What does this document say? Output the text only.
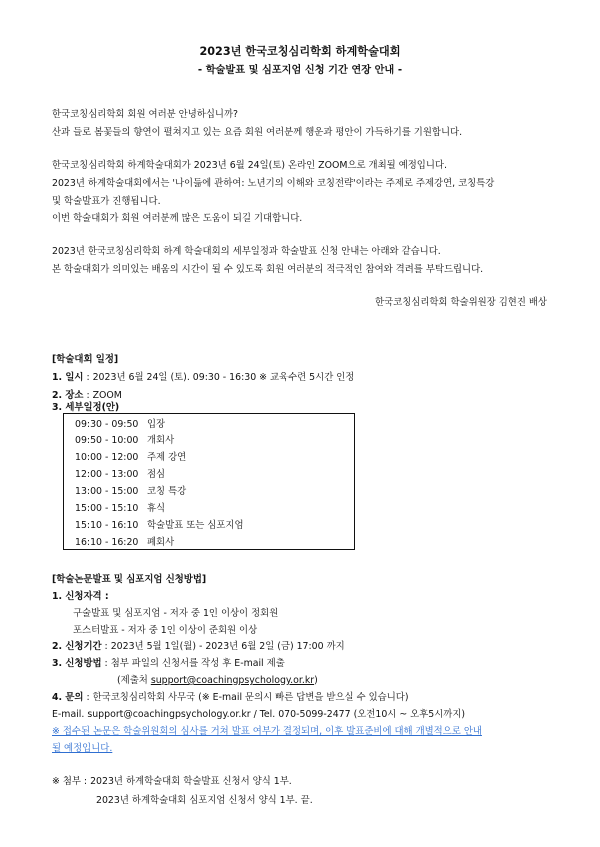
2023년 한국코칭심리학회 하계학술대회
- 학술발표 및 심포지엄 신청 기간 연장 안내 -
한국코칭심리학회 회원 여러분 안녕하십니까?
산과 들로 봄꽃들의 향연이 펼쳐지고 있는 요즘 회원 여러분께 행운과 평안이 가득하기를 기원합니다.
한국코칭심리학회 하계학술대회가 2023년 6월 24일(토) 온라인 ZOOM으로 개최될 예정입니다.
2023년 하계학술대회에서는 '나이듦에 관하여: 노년기의 이해와 코칭전략'이라는 주제로 주제강연, 코칭특강
및 학술발표가 진행됩니다.
이번 학술대회가 회원 여러분께 많은 도움이 되길 기대합니다.
2023년 한국코칭심리학회 하계 학술대회의 세부일정과 학술발표 신청 안내는 아래와 같습니다.
본 학술대회가 의미있는 배움의 시간이 될 수 있도록 회원 여러분의 적극적인 참여와 격려를 부탁드립니다.
한국코칭심리학회 학술위원장 김현진 배상
[학술대회 일정]
1. 일시 : 2023년 6월 24일 (토). 09:30 - 16:30 ※ 교육수련 5시간 인정
2. 장소 : ZOOM
3. 세부일정(안)
09:30 - 09:50 입장
09:50 - 10:00 개회사
10:00 - 12:00 주제 강연
12:00 - 13:00 점심
13:00 - 15:00 코칭 특강
15:00 - 15:10 휴식
15:10 - 16:10 학술발표 또는 심포지엄
16:10 - 16:20 폐회사
[학술논문발표 및 심포지엄 신청방법]
1. 신청자격 :
구술발표 및 심포지엄 - 저자 중 1인 이상이 정회원
포스터발표 - 저자 중 1인 이상이 준회원 이상
2. 신청기간 : 2023년 5월 1일(월) - 2023년 6월 2일 (금) 17:00 까지
3. 신청방법 : 첨부 파일의 신청서를 작성 후 E-mail 제출
(제출처 support@coachingpsychology.or.kr)
4. 문의 : 한국코칭심리학회 사무국 (※ E-mail 문의시 빠른 답변을 받으실 수 있습니다)
E-mail. support@coachingpsychology.or.kr / Tel. 070-5099-2477 (오전10시 ~ 오후5시까지)
※ 접수된 논문은 학술위원회의 심사를 거쳐 발표 여부가 결정되며, 이후 발표준비에 대해 개별적으로 안내
될 예정입니다.
※ 첨부 : 2023년 하계학술대회 학술발표 신청서 양식 1부.
2023년 하계학술대회 심포지엄 신청서 양식 1부. 끝.
